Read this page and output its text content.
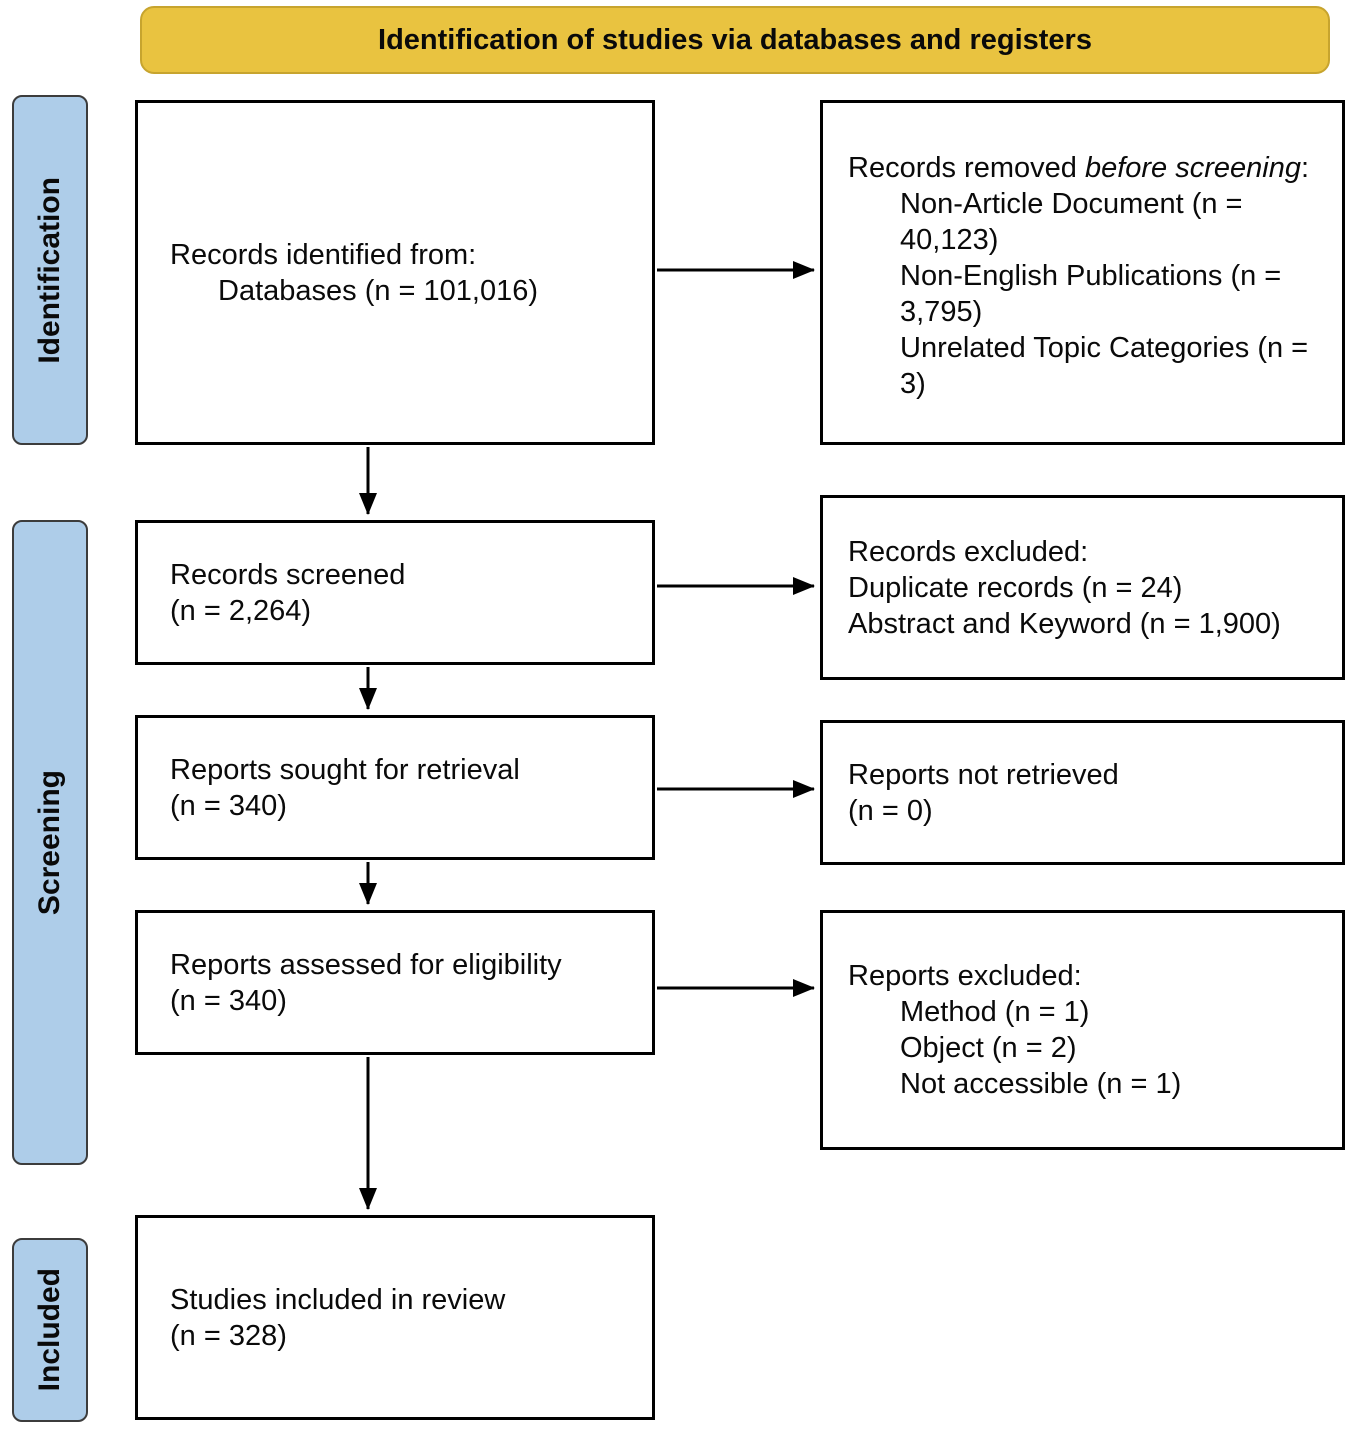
Identification of studies via databases and registers
Identification
Screening
Included
Records identified from:
Databases (n = 101,016)
Records removed before screening:
Non-Article Document (n = 40,123)
Non-English Publications (n = 3,795)
Unrelated Topic Categories (n = 3)
Records screened
(n = 2,264)
Records excluded:
Duplicate records (n = 24)
Abstract and Keyword (n = 1,900)
Reports sought for retrieval
(n = 340)
Reports not retrieved
(n = 0)
Reports assessed for eligibility
(n = 340)
Reports excluded:
Method (n = 1)
Object (n = 2)
Not accessible (n = 1)
Studies included in review
(n = 328)
